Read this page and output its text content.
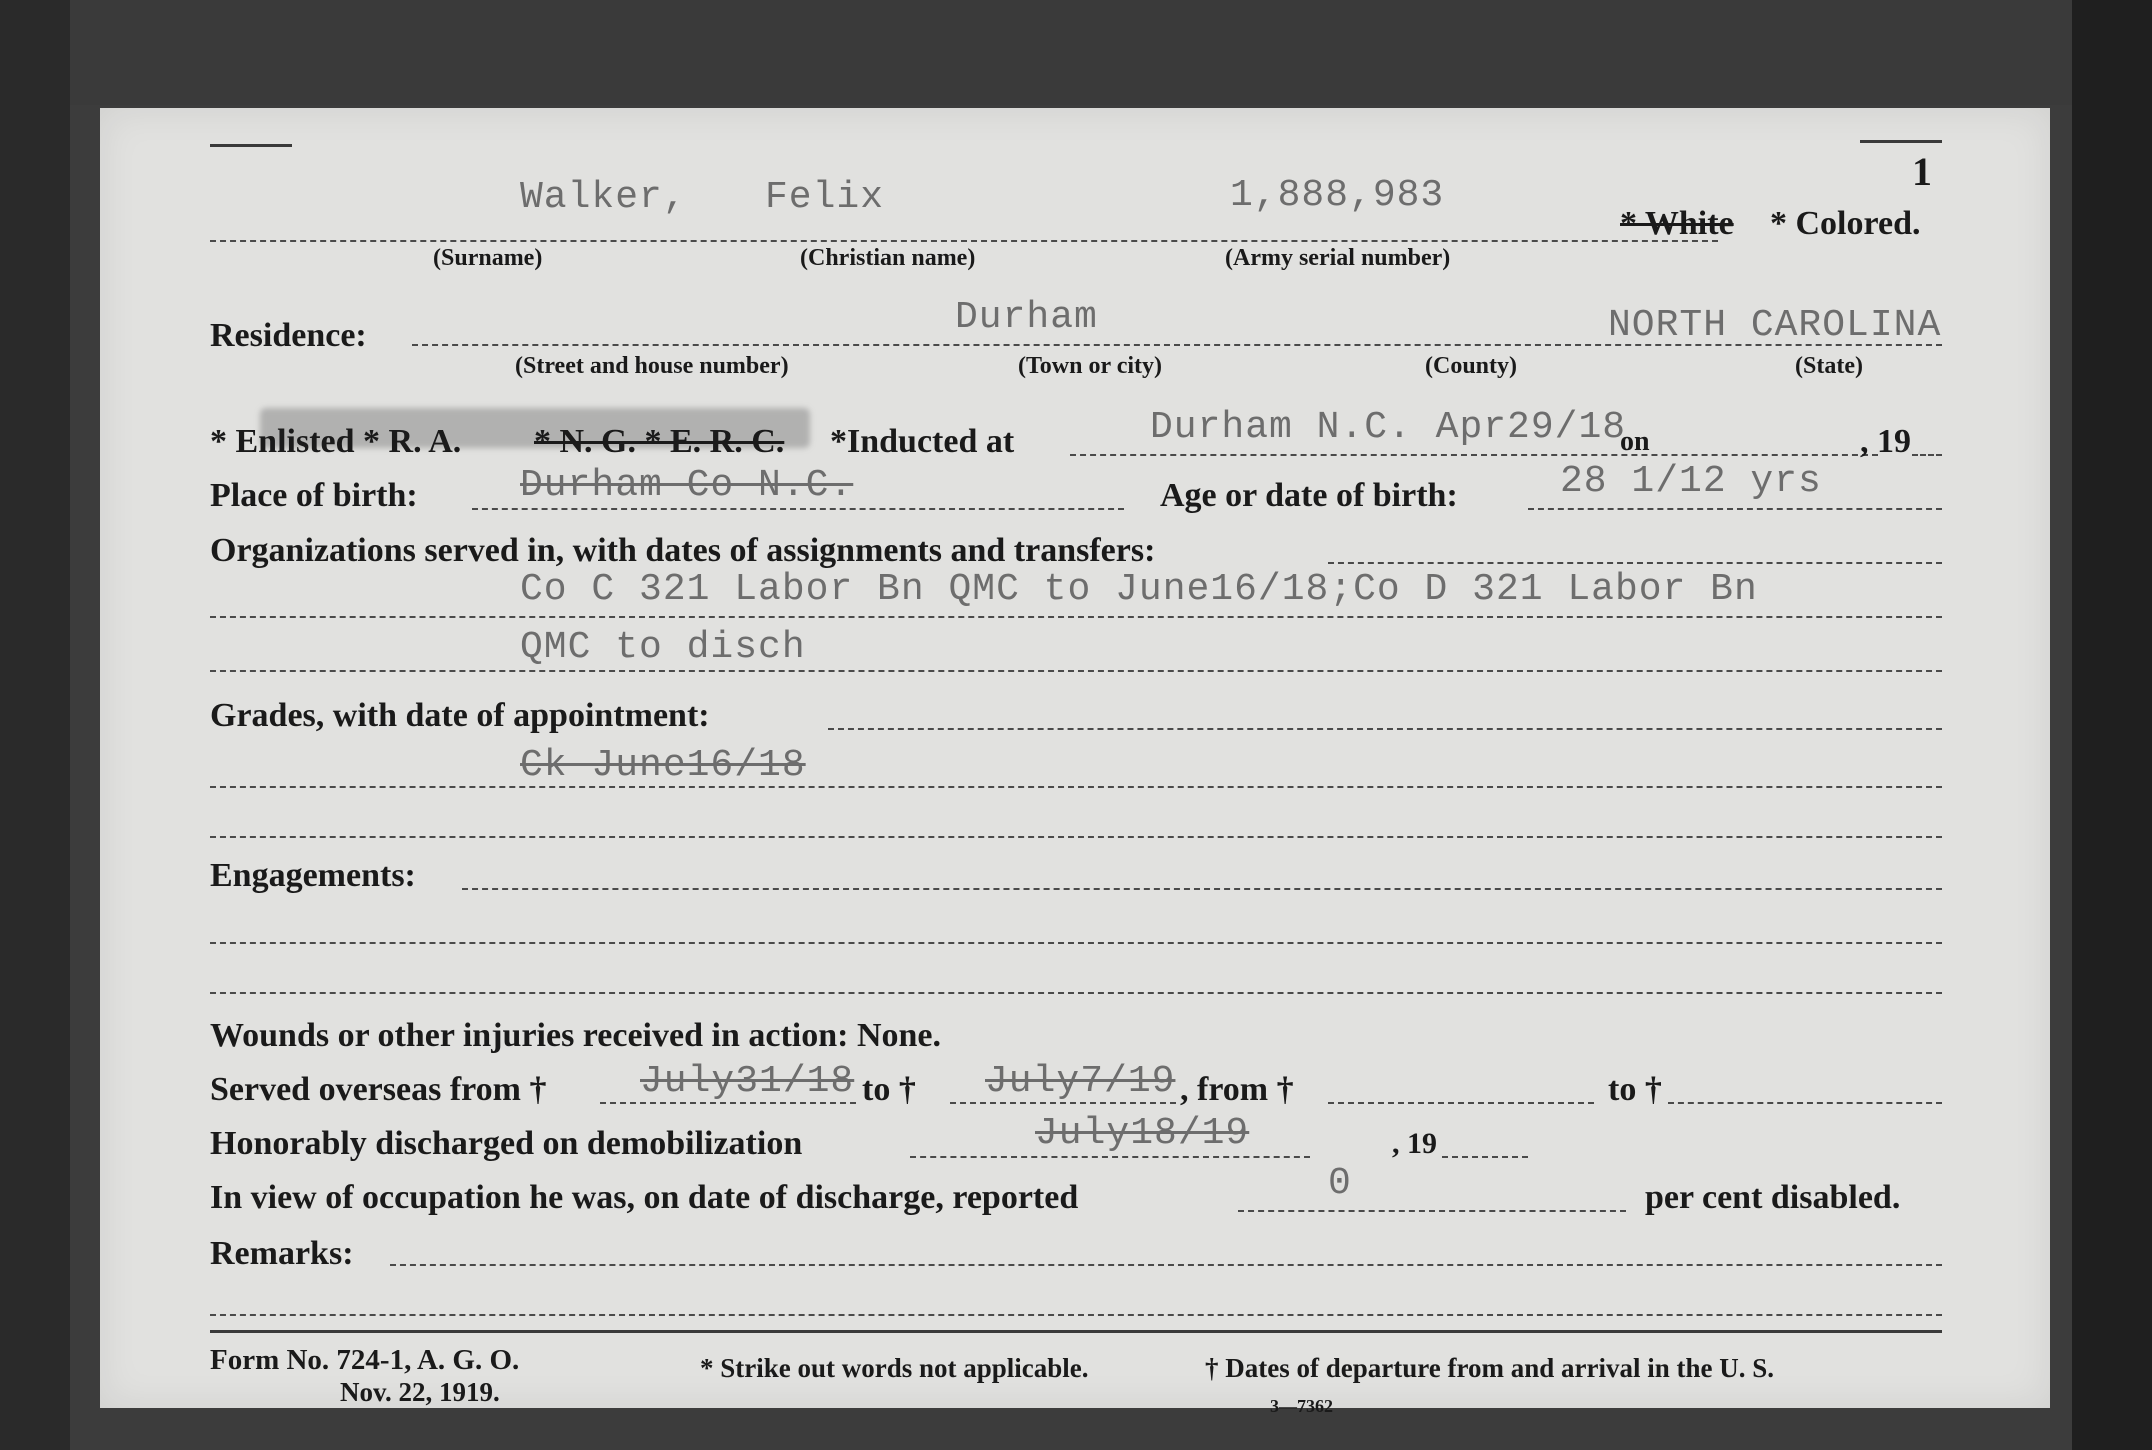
1
Walker, Felix	1,888,983
* White * Colored.
(Surname)	(Christian name)	(Army serial number)
Residence:	Durham	NORTH CAROLINA
(Street and house number)	(Town or city)	(County)	(State)
* Enlisted * R. A. * N. G. * E. R. C. *Inducted at	Durham N.C. Apr29/18
on	, 19
Place of birth:	Durham Co N.C.	Age or date of birth:	28 1/12 yrs
Organizations served in, with dates of assignments and transfers:
Co C 321 Labor Bn QMC to June16/18;Co D 321 Labor Bn
QMC to disch
Grades, with date of appointment:
Ck June16/18
Engagements:
Wounds or other injuries received in action: None.
Served overseas from † July31/18 to † July7/19 , from †	to †
Honorably discharged on demobilization	July18/19	, 19
In view of occupation he was, on date of discharge, reported	0	per cent disabled.
Remarks:
Form No. 724-1, A. G. O.
Nov. 22, 1919.
* Strike out words not applicable.	† Dates of departure from and arrival in the U. S.
3—7362
